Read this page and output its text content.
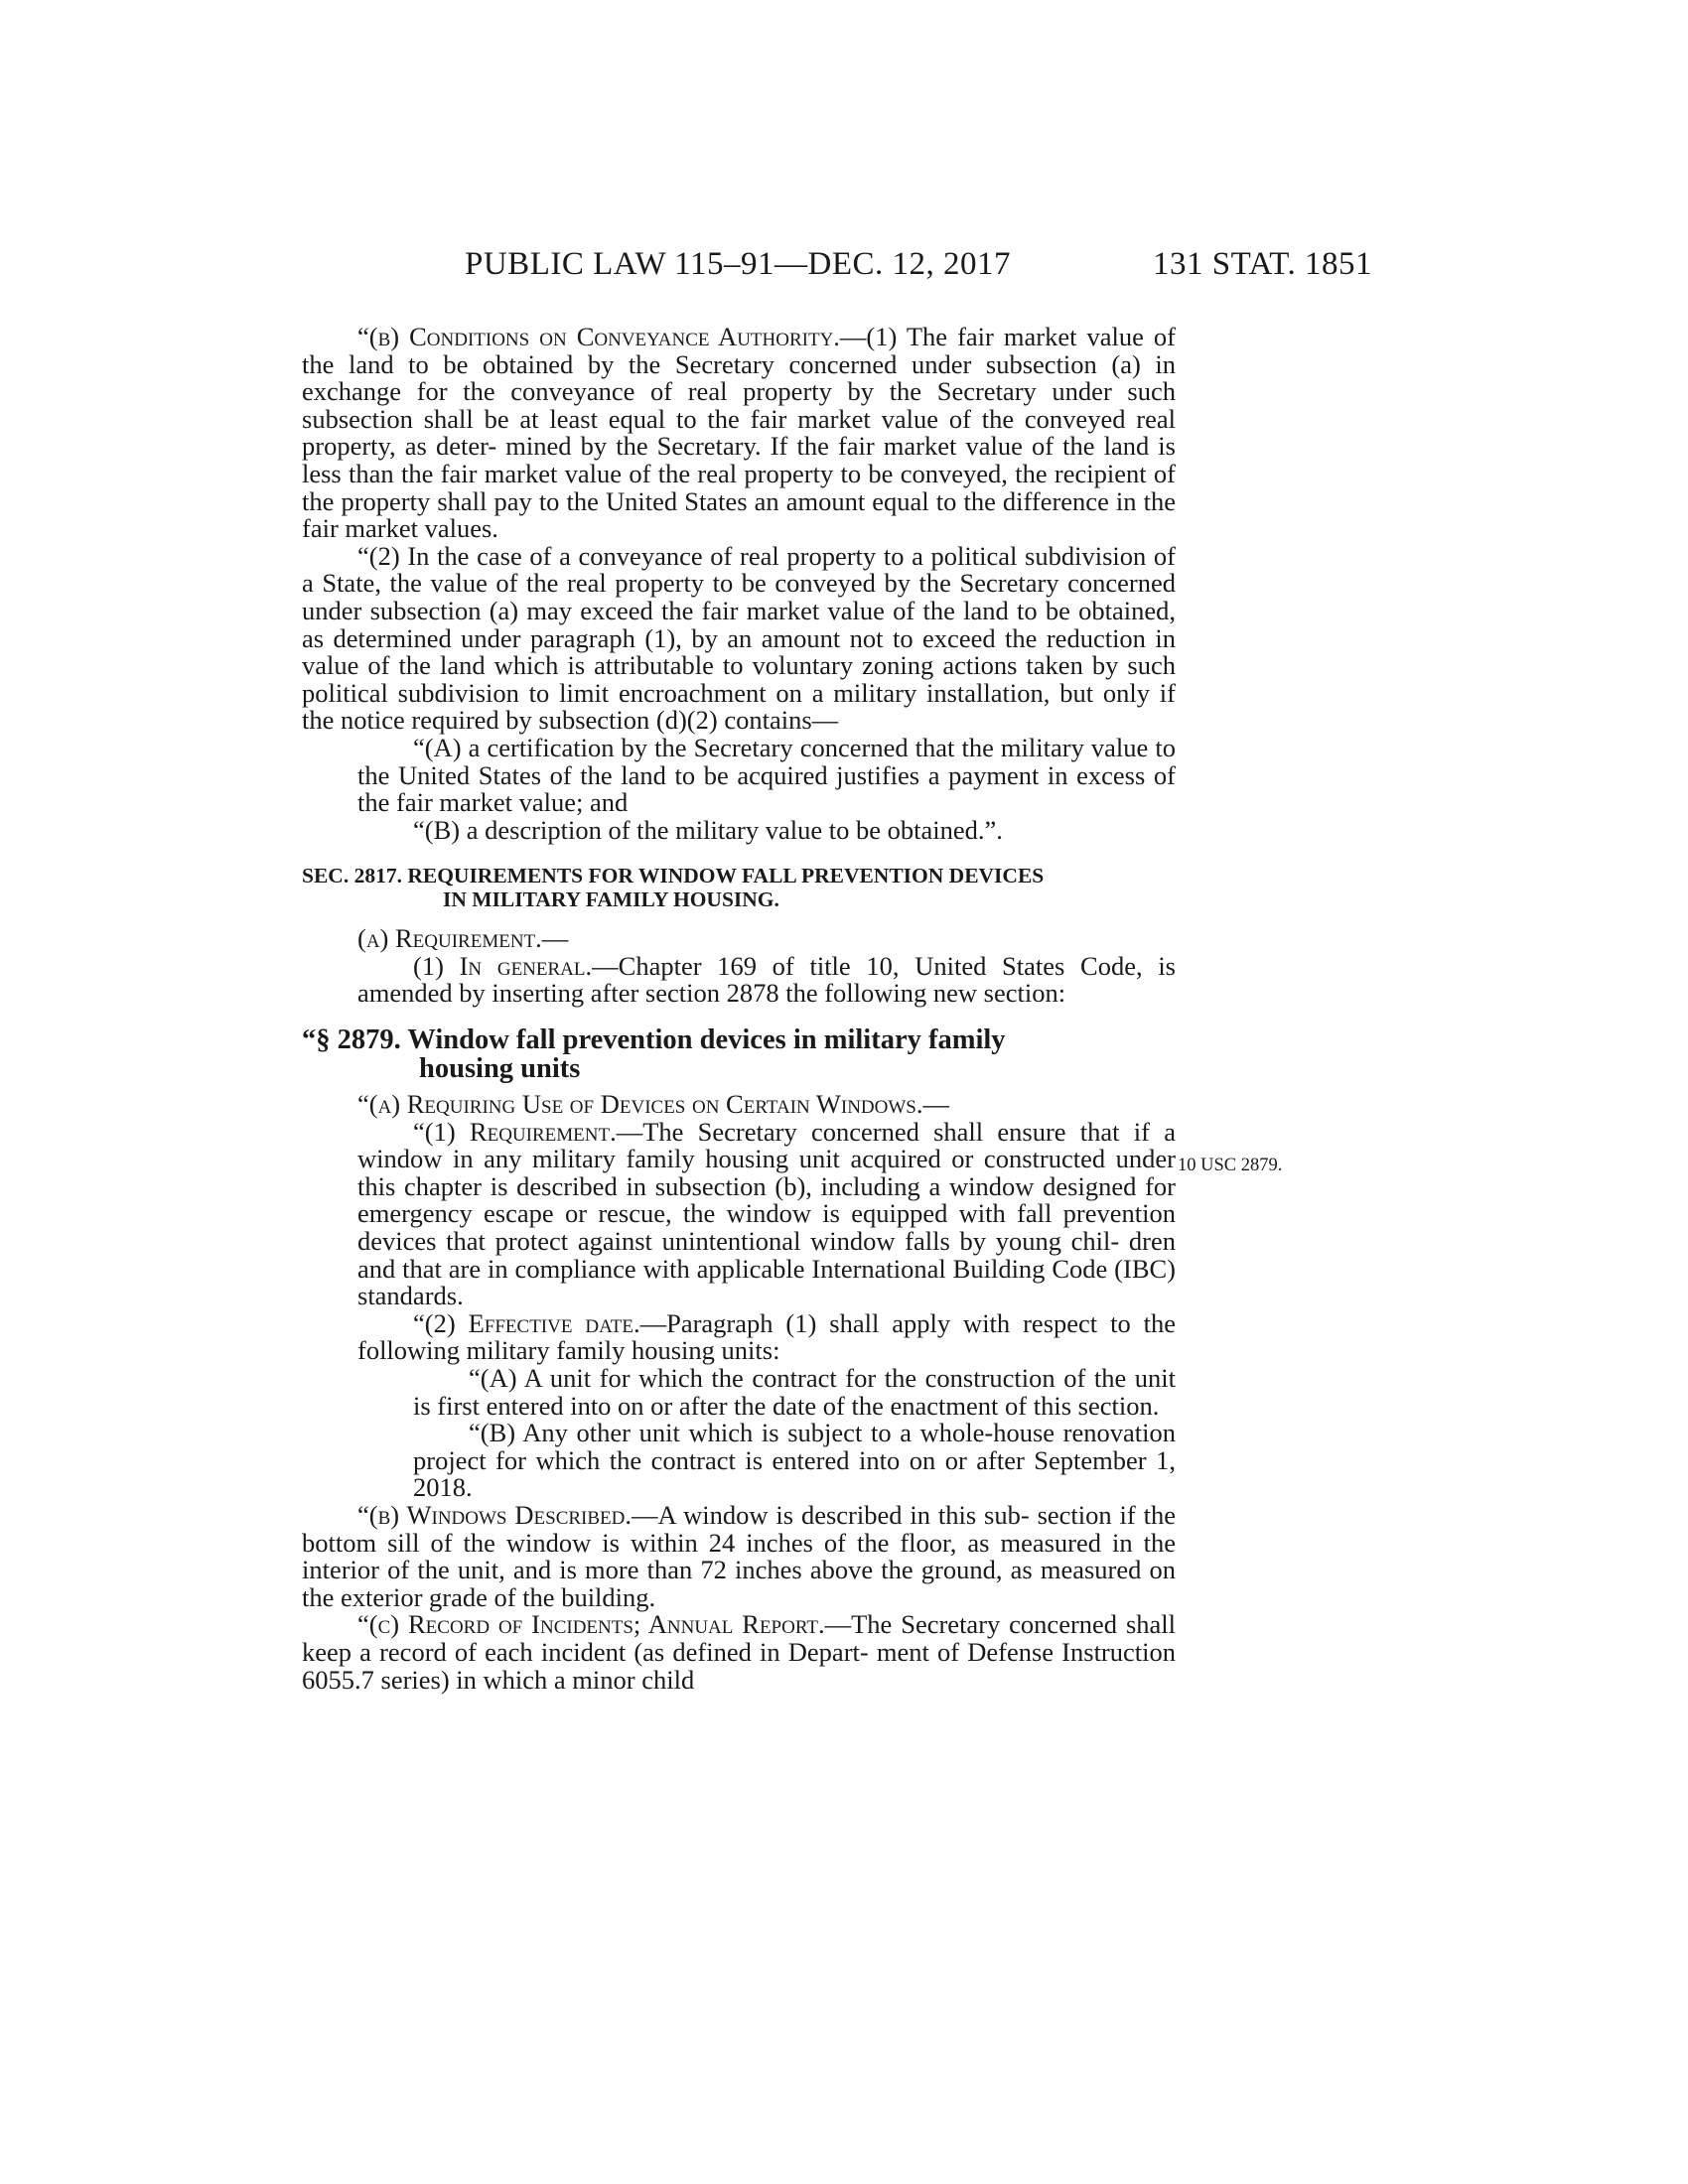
PUBLIC LAW 115–91—DEC. 12, 2017	131 STAT. 1851
10 USC 2879.

“(b) Conditions on Conveyance Authority.—(1) The fair market value of the land to be obtained by the Secretary concerned under subsection (a) in exchange for the conveyance of real property by the Secretary under such subsection shall be at least equal to the fair market value of the conveyed real property, as deter- mined by the Secretary. If the fair market value of the land is less than the fair market value of the real property to be conveyed, the recipient of the property shall pay to the United States an amount equal to the difference in the fair market values.

“(2) In the case of a conveyance of real property to a political subdivision of a State, the value of the real property to be conveyed by the Secretary concerned under subsection (a) may exceed the fair market value of the land to be obtained, as determined under paragraph (1), by an amount not to exceed the reduction in value of the land which is attributable to voluntary zoning actions taken by such political subdivision to limit encroachment on a military installation, but only if the notice required by subsection (d)(2) contains—

“(A) a certification by the Secretary concerned that the military value to the United States of the land to be acquired justifies a payment in excess of the fair market value; and

“(B) a description of the military value to be obtained.”.

SEC. 2817. REQUIREMENTS FOR WINDOW FALL PREVENTION DEVICES
IN MILITARY FAMILY HOUSING.

(a) Requirement.—

(1) In general.—Chapter 169 of title 10, United States Code, is amended by inserting after section 2878 the following new section:

“§ 2879. Window fall prevention devices in military family
housing units

“(a) Requiring Use of Devices on Certain Windows.—

“(1) Requirement.—The Secretary concerned shall ensure that if a window in any military family housing unit acquired or constructed under this chapter is described in subsection (b), including a window designed for emergency escape or rescue, the window is equipped with fall prevention devices that protect against unintentional window falls by young chil- dren and that are in compliance with applicable International Building Code (IBC) standards.

“(2) Effective date.—Paragraph (1) shall apply with respect to the following military family housing units:

“(A) A unit for which the contract for the construction of the unit is first entered into on or after the date of the enactment of this section.

“(B) Any other unit which is subject to a whole-house renovation project for which the contract is entered into on or after September 1, 2018.

“(b) Windows Described.—A window is described in this sub- section if the bottom sill of the window is within 24 inches of the floor, as measured in the interior of the unit, and is more than 72 inches above the ground, as measured on the exterior grade of the building.

“(c) Record of Incidents; Annual Report.—The Secretary concerned shall keep a record of each incident (as defined in Depart- ment of Defense Instruction 6055.7 series) in which a minor child
